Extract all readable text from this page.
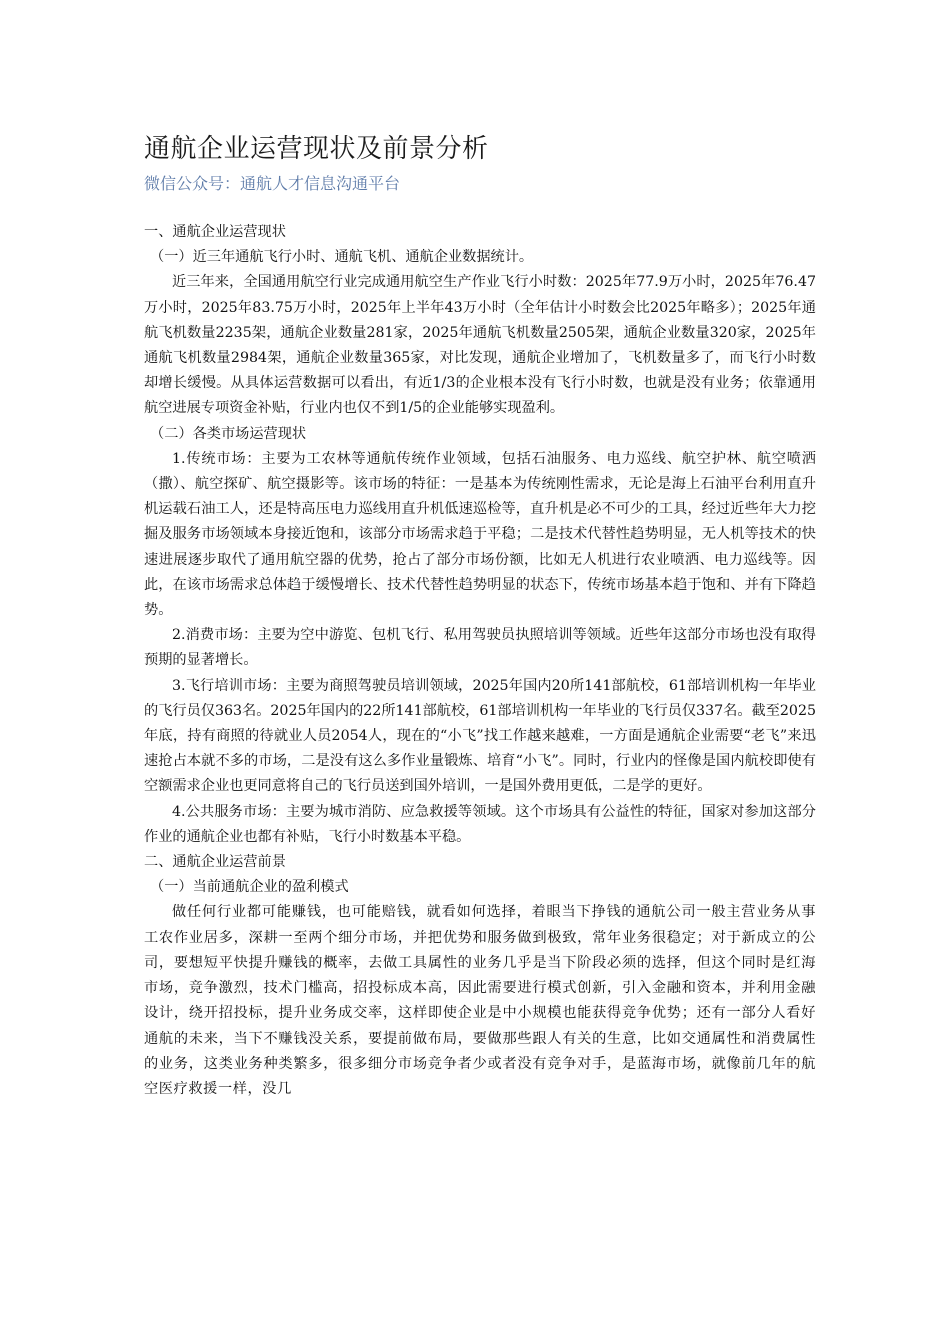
通航企业运营现状及前景分析
微信公众号：通航人才信息沟通平台
一、通航企业运营现状
（一）近三年通航飞行小时、通航飞机、通航企业数据统计。

近三年来，全国通用航空行业完成通用航空生产作业飞行小时数：2025年77.9万小时，2025年76.47万小时，2025年83.75万小时，2025年上半年43万小时（全年估计小时数会比2025年略多）；2025年通航飞机数量2235架，通航企业数量281家，2025年通航飞机数量2505架，通航企业数量320家，2025年通航飞机数量2984架，通航企业数量365家，对比发现，通航企业增加了，飞机数量多了，而飞行小时数却增长缓慢。从具体运营数据可以看出，有近1/3的企业根本没有飞行小时数，也就是没有业务；依靠通用航空进展专项资金补贴，行业内也仅不到1/5的企业能够实现盈利。

（二）各类市场运营现状

1.传统市场：主要为工农林等通航传统作业领域，包括石油服务、电力巡线、航空护林、航空喷洒（撒）、航空探矿、航空摄影等。该市场的特征：一是基本为传统刚性需求，无论是海上石油平台利用直升机运载石油工人，还是特高压电力巡线用直升机低速巡检等，直升机是必不可少的工具，经过近些年大力挖掘及服务市场领域本身接近饱和，该部分市场需求趋于平稳；二是技术代替性趋势明显，无人机等技术的快速进展逐步取代了通用航空器的优势，抢占了部分市场份额，比如无人机进行农业喷洒、电力巡线等。因此，在该市场需求总体趋于缓慢增长、技术代替性趋势明显的状态下，传统市场基本趋于饱和、并有下降趋势。

2.消费市场：主要为空中游览、包机飞行、私用驾驶员执照培训等领域。近些年这部分市场也没有取得预期的显著增长。

3.飞行培训市场：主要为商照驾驶员培训领域，2025年国内20所141部航校，61部培训机构一年毕业的飞行员仅363名。2025年国内的22所141部航校，61部培训机构一年毕业的飞行员仅337名。截至2025年底，持有商照的待就业人员2054人，现在的“小飞”找工作越来越难，一方面是通航企业需要“老飞”来迅速抢占本就不多的市场，二是没有这么多作业量锻炼、培育“小飞”。同时，行业内的怪像是国内航校即使有空额需求企业也更同意将自己的飞行员送到国外培训，一是国外费用更低，二是学的更好。

4.公共服务市场：主要为城市消防、应急救援等领域。这个市场具有公益性的特征，国家对参加这部分作业的通航企业也都有补贴，飞行小时数基本平稳。

二、通航企业运营前景
（一）当前通航企业的盈利模式

做任何行业都可能赚钱，也可能赔钱，就看如何选择，着眼当下挣钱的通航公司一般主营业务从事工农作业居多，深耕一至两个细分市场，并把优势和服务做到极致，常年业务很稳定；对于新成立的公司，要想短平快提升赚钱的概率，去做工具属性的业务几乎是当下阶段必须的选择，但这个同时是红海市场，竞争激烈，技术门槛高，招投标成本高，因此需要进行模式创新，引入金融和资本，并利用金融设计，绕开招投标，提升业务成交率，这样即使企业是中小规模也能获得竞争优势；还有一部分人看好通航的未来，当下不赚钱没关系，要提前做布局，要做那些跟人有关的生意，比如交通属性和消费属性的业务，这类业务种类繁多，很多细分市场竞争者少或者没有竞争对手，是蓝海市场，就像前几年的航空医疗救援一样，没几
